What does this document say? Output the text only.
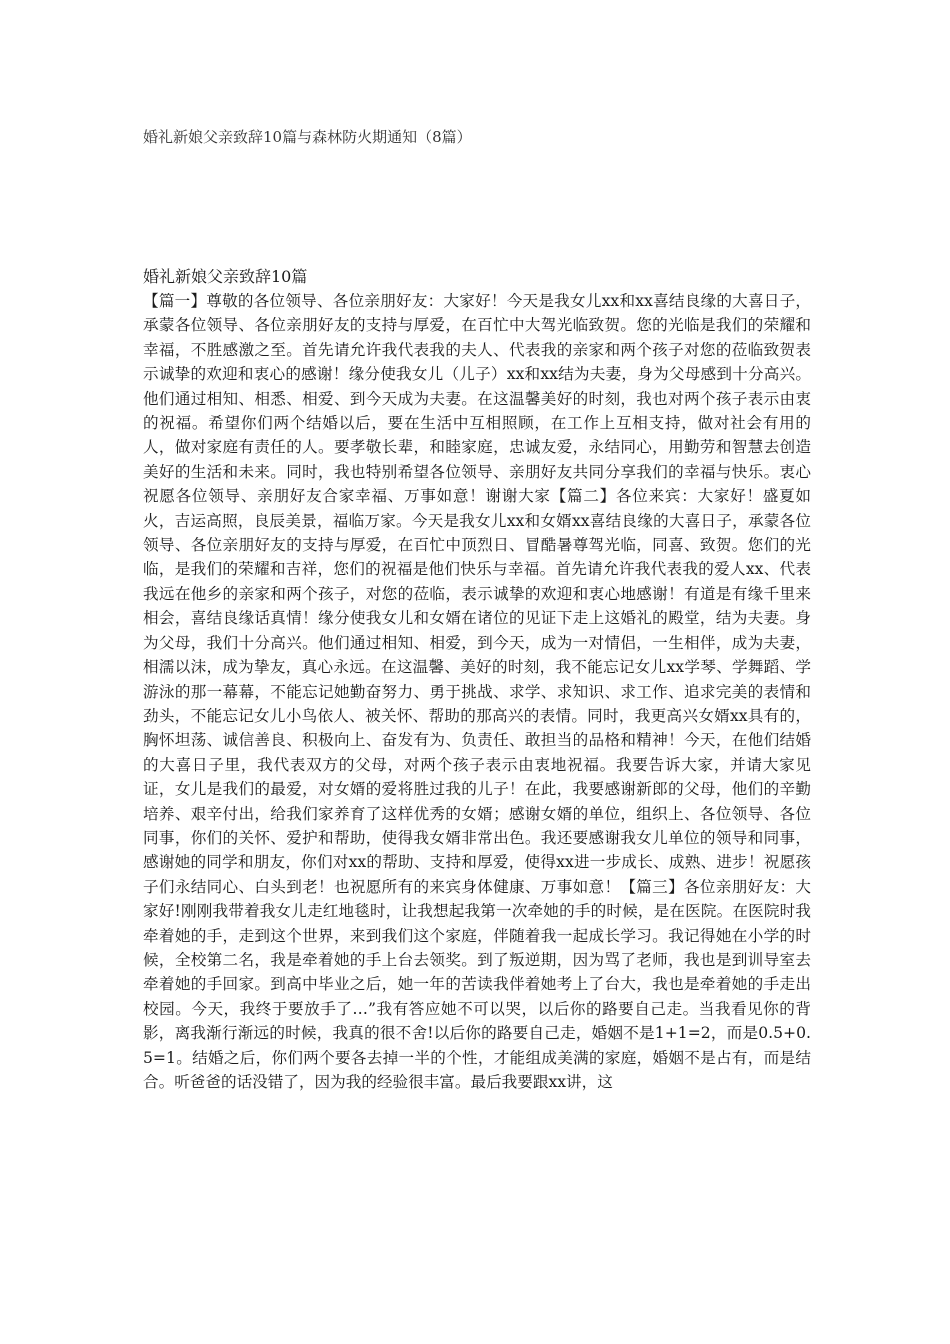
婚礼新娘父亲致辞10篇与森林防火期通知（8篇）
婚礼新娘父亲致辞10篇

【篇一】尊敬的各位领导、各位亲朋好友：大家好！今天是我女儿xx和xx喜结良缘的大喜日子，承蒙各位领导、各位亲朋好友的支持与厚爱，在百忙中大驾光临致贺。您的光临是我们的荣耀和幸福，不胜感激之至。首先请允许我代表我的夫人、代表我的亲家和两个孩子对您的莅临致贺表示诚挚的欢迎和衷心的感谢！缘分使我女儿（儿子）xx和xx结为夫妻，身为父母感到十分高兴。他们通过相知、相悉、相爱、到今天成为夫妻。在这温馨美好的时刻，我也对两个孩子表示由衷的祝福。希望你们两个结婚以后，要在生活中互相照顾，在工作上互相支持，做对社会有用的人，做对家庭有责任的人。要孝敬长辈，和睦家庭，忠诚友爱，永结同心，用勤劳和智慧去创造美好的生活和未来。同时，我也特别希望各位领导、亲朋好友共同分享我们的幸福与快乐。衷心祝愿各位领导、亲朋好友合家幸福、万事如意！谢谢大家【篇二】各位来宾：大家好！盛夏如火，吉运高照，良辰美景，福临万家。今天是我女儿xx和女婿xx喜结良缘的大喜日子，承蒙各位领导、各位亲朋好友的支持与厚爱，在百忙中顶烈日、冒酷暑尊驾光临，同喜、致贺。您们的光临，是我们的荣耀和吉祥，您们的祝福是他们快乐与幸福。首先请允许我代表我的爱人xx、代表我远在他乡的亲家和两个孩子，对您的莅临，表示诚挚的欢迎和衷心地感谢！有道是有缘千里来相会，喜结良缘话真情！缘分使我女儿和女婿在诸位的见证下走上这婚礼的殿堂，结为夫妻。身为父母，我们十分高兴。他们通过相知、相爱，到今天，成为一对情侣，一生相伴，成为夫妻，相濡以沫，成为挚友，真心永远。在这温馨、美好的时刻，我不能忘记女儿xx学琴、学舞蹈、学游泳的那一幕幕，不能忘记她勤奋努力、勇于挑战、求学、求知识、求工作、追求完美的表情和劲头，不能忘记女儿小鸟依人、被关怀、帮助的那高兴的表情。同时，我更高兴女婿xx具有的，胸怀坦荡、诚信善良、积极向上、奋发有为、负责任、敢担当的品格和精神！今天，在他们结婚的大喜日子里，我代表双方的父母，对两个孩子表示由衷地祝福。我要告诉大家，并请大家见证，女儿是我们的最爱，对女婿的爱将胜过我的儿子！在此，我要感谢新郎的父母，他们的辛勤培养、艰辛付出，给我们家养育了这样优秀的女婿；感谢女婿的单位，组织上、各位领导、各位同事，你们的关怀、爱护和帮助，使得我女婿非常出色。我还要感谢我女儿单位的领导和同事，感谢她的同学和朋友，你们对xx的帮助、支持和厚爱，使得xx进一步成长、成熟、进步！祝愿孩子们永结同心、白头到老！也祝愿所有的来宾身体健康、万事如意！【篇三】各位亲朋好友：大家好!刚刚我带着我女儿走红地毯时，让我想起我第一次牵她的手的时候，是在医院。在医院时我牵着她的手，走到这个世界，来到我们这个家庭，伴随着我一起成长学习。我记得她在小学的时候，全校第二名，我是牵着她的手上台去领奖。到了叛逆期，因为骂了老师，我也是到训导室去牵着她的手回家。到高中毕业之后，她一年的苦读我伴着她考上了台大，我也是牵着她的手走出校园。今天，我终于要放手了…”我有答应她不可以哭，以后你的路要自己走。当我看见你的背影，离我渐行渐远的时候，我真的很不舍!以后你的路要自己走，婚姻不是1+1=2，而是0.5+0.5=1。结婚之后，你们两个要各去掉一半的个性，才能组成美满的家庭，婚姻不是占有，而是结合。听爸爸的话没错了，因为我的经验很丰富。最后我要跟xx讲，这
